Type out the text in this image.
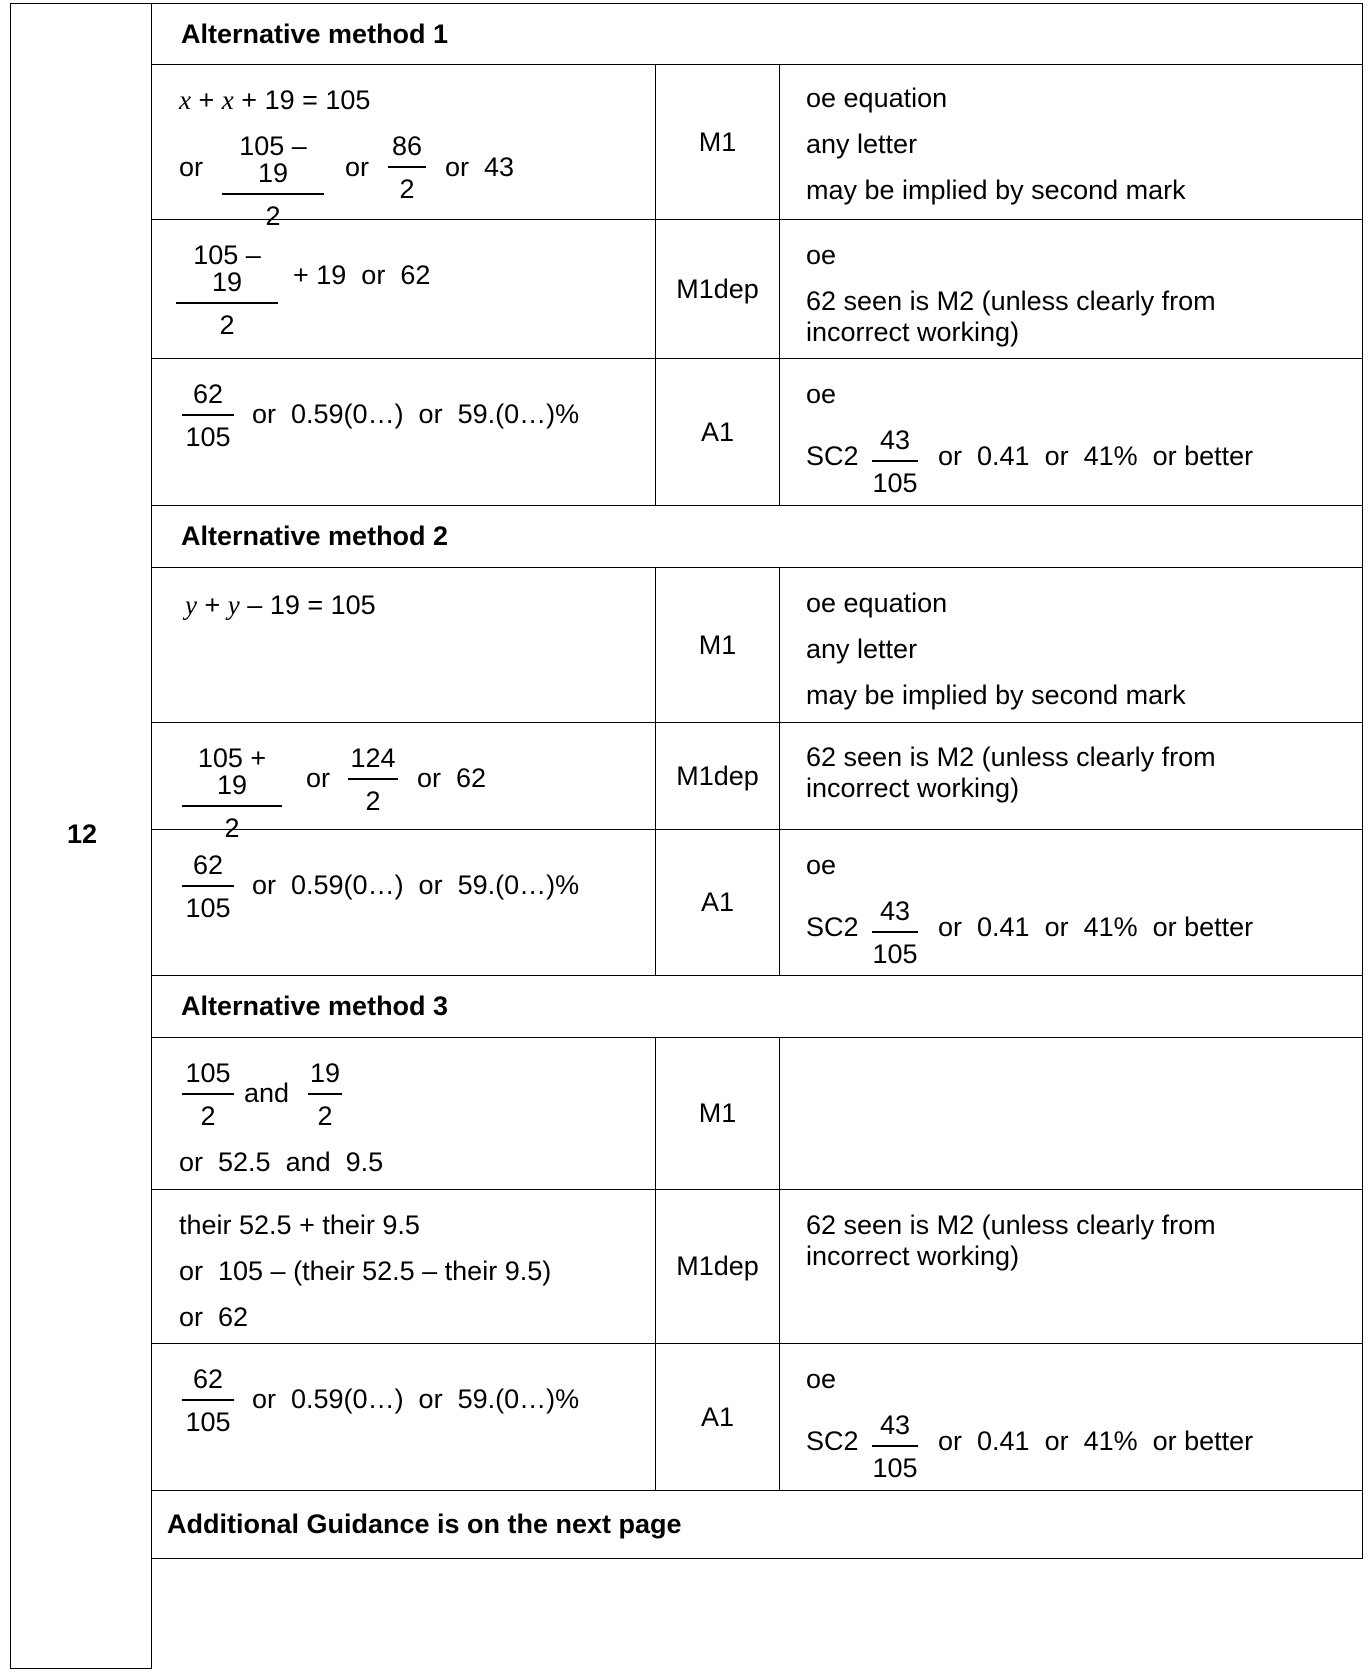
12
Alternative method 1
x + x + 19 = 105
or
105 – 19
2
or
86
2
or  43
M1
oe equation
any letter
may be implied by second mark
105 – 19
2
+ 19  or  62	M1dep
oe
62 seen is M2 (unless clearly from
incorrect working)
62
105
or  0.59(0…)  or  59.(0…)%
A1
oe
SC2
43
105
or  0.41  or  41%  or better
Alternative method 2
y + y – 19 = 105
M1
oe equation
any letter
may be implied by second mark
105 + 19
2
or
124
2
or  62	M1dep
62 seen is M2 (unless clearly from
incorrect working)
62
105
or  0.59(0…)  or  59.(0…)%
A1
oe
SC2
43
105
or  0.41  or  41%  or better
Alternative method 3
105
2
and
19
2
or  52.5  and  9.5
M1
their 52.5 + their 9.5
or  105 – (their 52.5 – their 9.5)
or  62
M1dep
62 seen is M2 (unless clearly from
incorrect working)
62
105
or  0.59(0…)  or  59.(0…)%
A1
oe
SC2
43
105
or  0.41  or  41%  or better
Additional Guidance is on the next page
